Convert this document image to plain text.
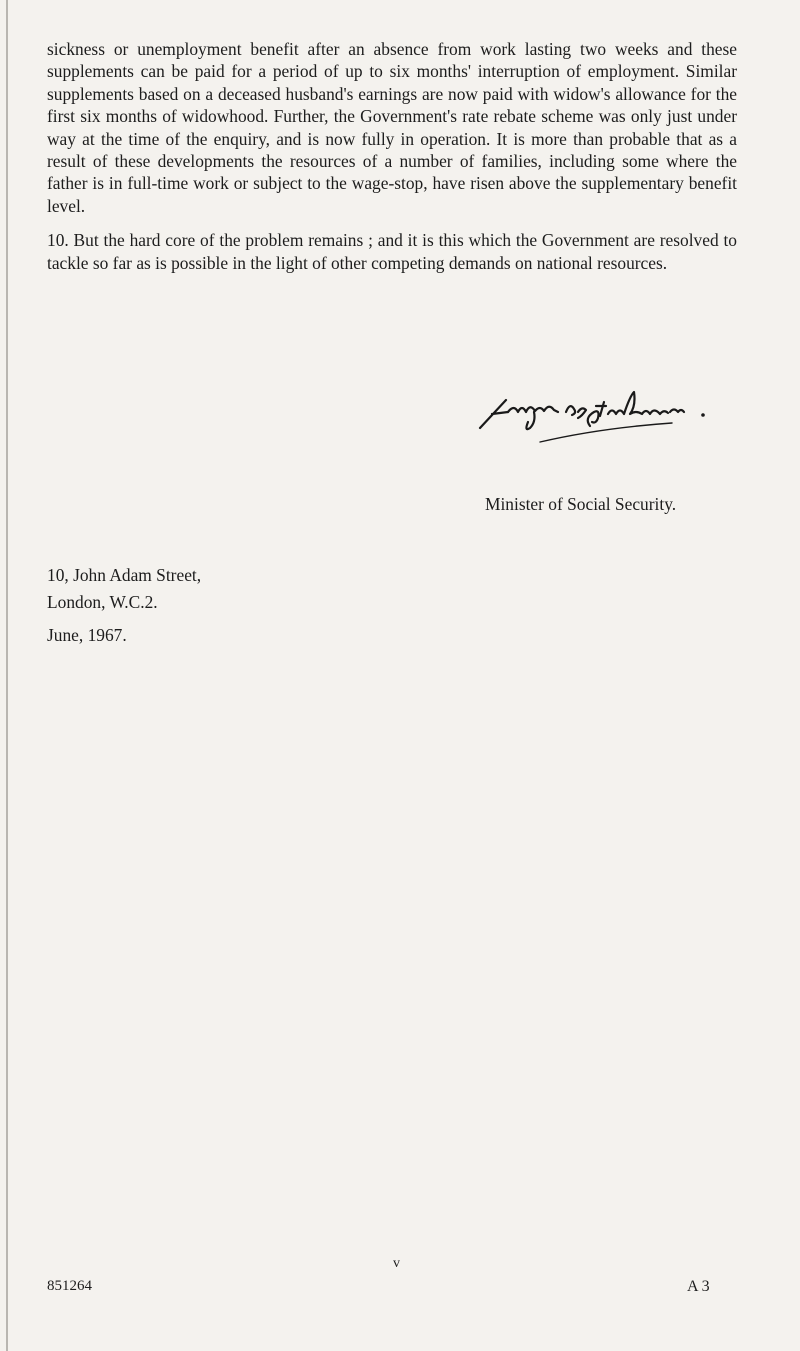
sickness or unemployment benefit after an absence from work lasting two weeks and these supplements can be paid for a period of up to six months' interruption of employment. Similar supplements based on a deceased husband's earnings are now paid with widow's allowance for the first six months of widowhood. Further, the Government's rate rebate scheme was only just under way at the time of the enquiry, and is now fully in operation. It is more than probable that as a result of these developments the resources of a number of families, including some where the father is in full-time work or subject to the wage-stop, have risen above the supplementary benefit level.

10. But the hard core of the problem remains ; and it is this which the Government are resolved to tackle so far as is possible in the light of other competing demands on national resources.

Minister of Social Security.
10, John Adam Street,
London, W.C.2.
June, 1967.
v
851264	A 3
